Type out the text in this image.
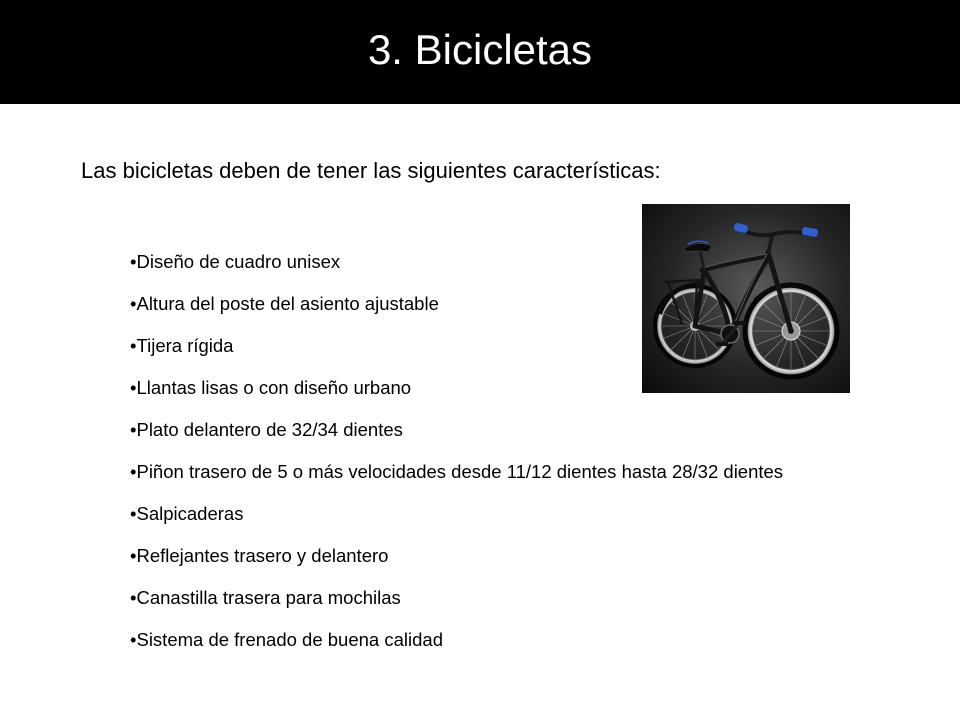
3. Bicicletas
Las bicicletas deben de tener las siguientes características:
•Diseño de cuadro unisex
•Altura del poste del asiento ajustable
•Tijera rígida
•Llantas lisas o con diseño urbano
•Plato delantero de 32/34 dientes
•Piñon trasero de 5 o más velocidades desde 11/12 dientes hasta 28/32 dientes
•Salpicaderas
•Reflejantes trasero y delantero
•Canastilla trasera para mochilas
•Sistema de frenado de buena calidad
